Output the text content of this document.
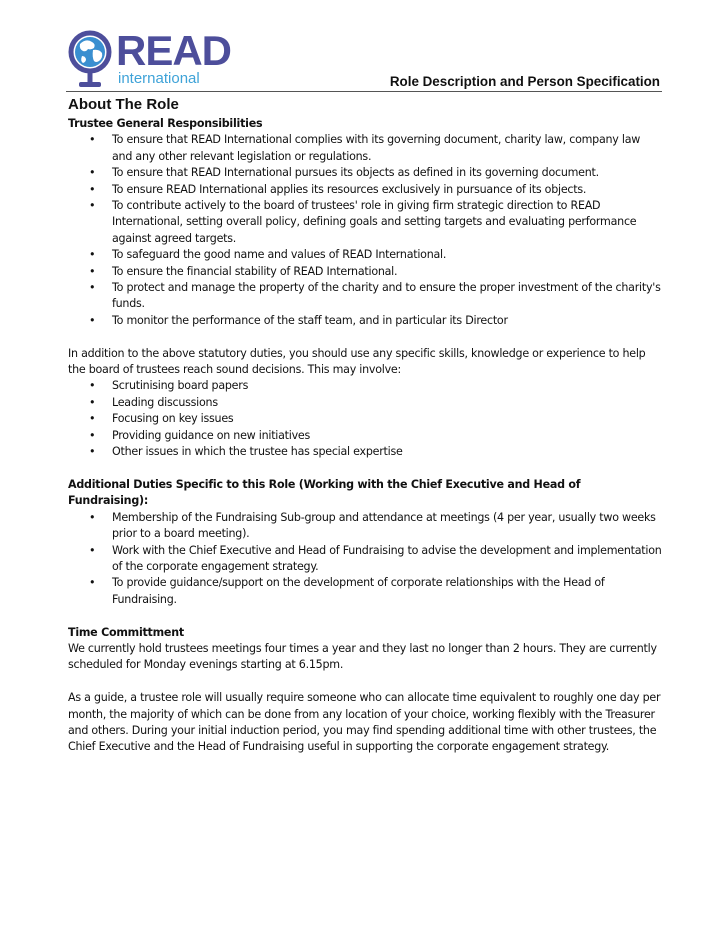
READ
international	Role Description and Person Specification
About The Role
Trustee General Responsibilities
• To ensure that READ International complies with its governing document, charity law, company law and any other relevant legislation or regulations.
• To ensure that READ International pursues its objects as defined in its governing document.
• To ensure READ International applies its resources exclusively in pursuance of its objects.
• To contribute actively to the board of trustees' role in giving firm strategic direction to READ International, setting overall policy, defining goals and setting targets and evaluating performance against agreed targets.
• To safeguard the good name and values of READ International.
• To ensure the financial stability of READ International.
• To protect and manage the property of the charity and to ensure the proper investment of the charity's funds.
• To monitor the performance of the staff team, and in particular its Director

In addition to the above statutory duties, you should use any specific skills, knowledge or experience to help the board of trustees reach sound decisions. This may involve:

• Scrutinising board papers
• Leading discussions
• Focusing on key issues
• Providing guidance on new initiatives
• Other issues in which the trustee has special expertise
Additional Duties Specific to this Role (Working with the Chief Executive and Head of Fundraising):
• Membership of the Fundraising Sub-group and attendance at meetings (4 per year, usually two weeks prior to a board meeting).
• Work with the Chief Executive and Head of Fundraising to advise the development and implementation of the corporate engagement strategy.
• To provide guidance/support on the development of corporate relationships with the Head of Fundraising.
Time Committment

We currently hold trustees meetings four times a year and they last no longer than 2 hours. They are currently scheduled for Monday evenings starting at 6.15pm.

As a guide, a trustee role will usually require someone who can allocate time equivalent to roughly one day per month, the majority of which can be done from any location of your choice, working flexibly with the Treasurer and others. During your initial induction period, you may find spending additional time with other trustees, the Chief Executive and the Head of Fundraising useful in supporting the corporate engagement strategy.
